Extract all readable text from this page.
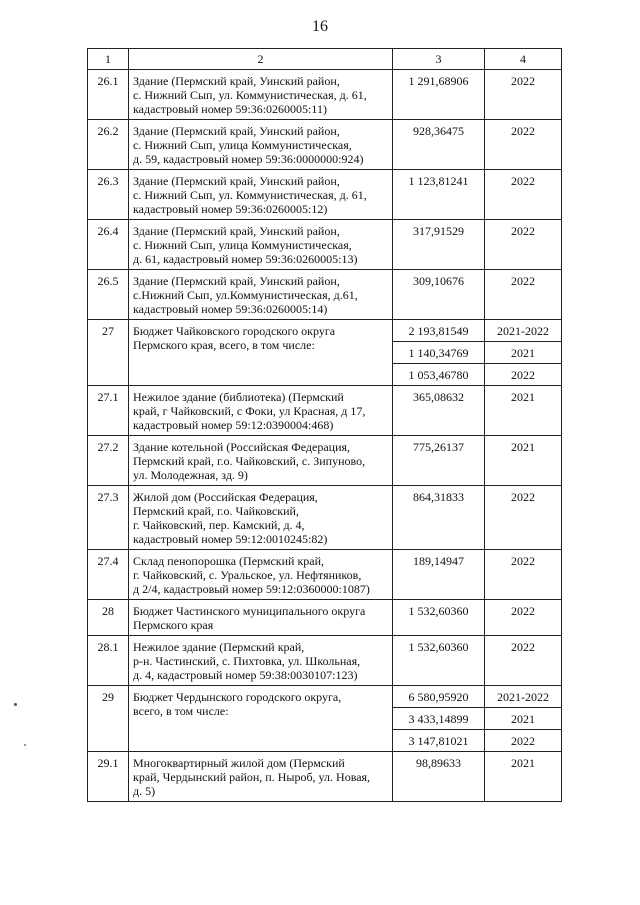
16
1	2	3	4
26.1	Здание (Пермский край, Уинский район,
с. Нижний Сып, ул. Коммунистическая, д. 61,
кадастровый номер 59:36:0260005:11)	1 291,68906	2022
26.2	Здание (Пермский край, Уинский район,
с. Нижний Сып, улица Коммунистическая,
д. 59, кадастровый номер 59:36:0000000:924)	928,36475	2022
26.3	Здание (Пермский край, Уинский район,
с. Нижний Сып, ул. Коммунистическая, д. 61,
кадастровый номер 59:36:0260005:12)	1 123,81241	2022
26.4	Здание (Пермский край, Уинский район,
с. Нижний Сып, улица Коммунистическая,
д. 61, кадастровый номер 59:36:0260005:13)	317,91529	2022
26.5	Здание (Пермский край, Уинский район,
с.Нижний Сып, ул.Коммунистическая, д.61,
кадастровый номер 59:36:0260005:14)	309,10676	2022
27	Бюджет Чайковского городского округа
Пермского края, всего, в том числе:	2 193,81549	2021-2022
		1 140,34769	2021
		1 053,46780	2022
27.1	Нежилое здание (библиотека) (Пермский
край, г Чайковский, с Фоки, ул Красная, д 17,
кадастровый номер 59:12:0390004:468)	365,08632	2021
27.2	Здание котельной (Российская Федерация,
Пермский край, г.о. Чайковский, с. Зипуново,
ул. Молодежная, зд. 9)	775,26137	2021
27.3	Жилой дом (Российская Федерация,
Пермский край, г.о. Чайковский,
г. Чайковский, пер. Камский, д. 4,
кадастровый номер 59:12:0010245:82)	864,31833	2022
27.4	Склад пенопорошка (Пермский край,
г. Чайковский, с. Уральское, ул. Нефтяников,
д 2/4, кадастровый номер 59:12:0360000:1087)	189,14947	2022
28	Бюджет Частинского муниципального округа
Пермского края	1 532,60360	2022
28.1	Нежилое здание (Пермский край,
р-н. Частинский, с. Пихтовка, ул. Школьная,
д. 4, кадастровый номер 59:38:0030107:123)	1 532,60360	2022
29	Бюджет Чердынского городского округа,
всего, в том числе:	6 580,95920	2021-2022
		3 433,14899	2021
		3 147,81021	2022
29.1	Многоквартирный жилой дом (Пермский
край, Чердынский район, п. Ныроб, ул. Новая,
д. 5)	98,89633	2021
